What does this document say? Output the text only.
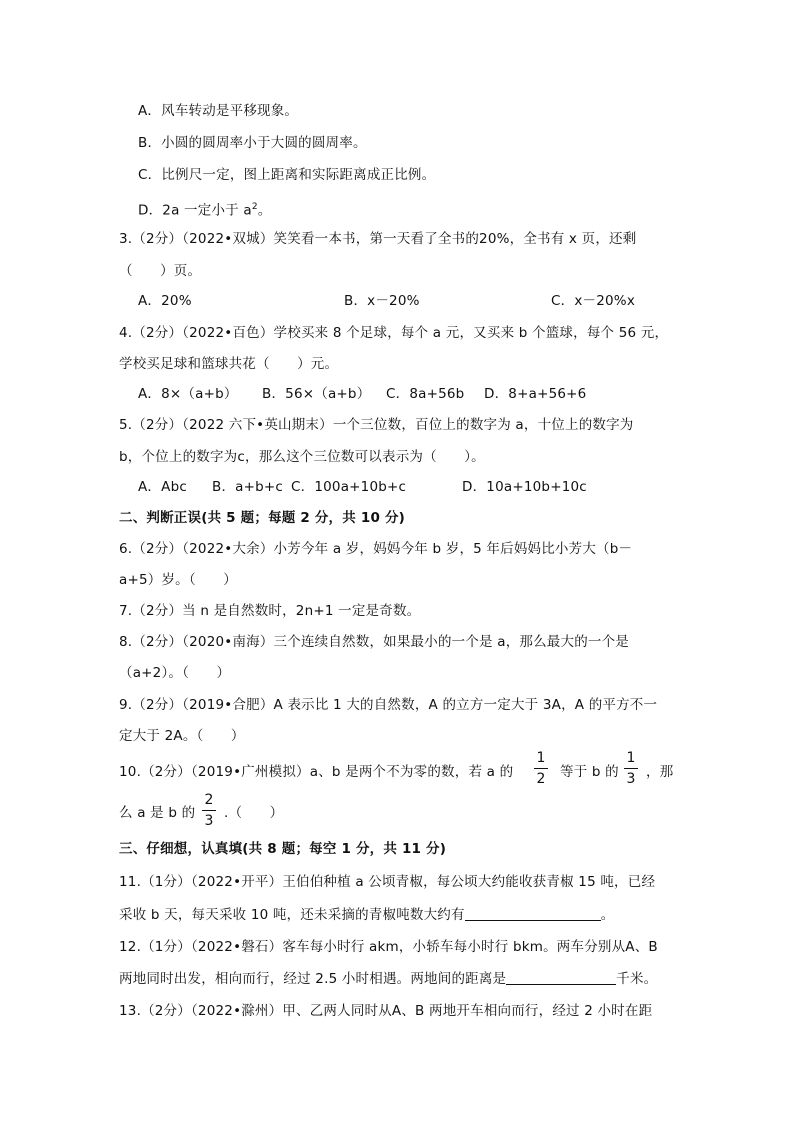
A．风车转动是平移现象。
B．小圆的圆周率小于大圆的圆周率。
C．比例尺一定，图上距离和实际距离成正比例。
D．2a 一定小于 $a^2$。
3.（2分）（2022•双城）笑笑看一本书，第一天看了全书的20%，全书有 x 页，还剩
（　　）页。
A．20%	B．x－20%	C．x－20%x
4.（2分）（2022•百色）学校买来 8 个足球，每个 a 元，又买来 b 个篮球，每个 56 元，
学校买足球和篮球共花（　　）元。
A．8×（a+b） B．56×（a+b） C．8a+56b D．8+a+56+6
5.（2分）（2022 六下•英山期末）一个三位数，百位上的数字为 a，十位上的数字为
b，个位上的数字为c，那么这个三位数可以表示为（　　）。
A．Abc B．a+b+c C．100a+10b+c	D．10a+10b+10c
二、判断正误(共 5 题；每题 2 分，共 10 分)
6.（2分）（2022•大余）小芳今年 a 岁，妈妈今年 b 岁，5 年后妈妈比小芳大（b－
a+5）岁。（　　）
7.（2分）当 n 是自然数时，2n+1 一定是奇数。
8.（2分）（2020•南海）三个连续自然数，如果最小的一个是 a，那么最大的一个是
（a+2）。（　　）
9.（2分）（2019•合肥）A 表示比 1 大的自然数，A 的立方一定大于 3A，A 的平方不一
定大于 2A。（　　）
10.（2分）（2019•广州模拟）a、b 是两个不为零的数，若 a 的
1
2 等于 b 的
1
3 ，那
么 a 是 b 的
2
3 .（　　）
三、仔细想，认真填(共 8 题；每空 1 分，共 11 分)
11.（1分）（2022•开平）王伯伯种植 a 公顷青椒，每公顷大约能收获青椒 15 吨，已经
采收 b 天，每天采收 10 吨，还未采摘的青椒吨数大约有	。
12.（1分）（2022•磐石）客车每小时行 akm，小轿车每小时行 bkm。两车分别从A、B
两地同时出发，相向而行，经过 2.5 小时相遇。两地间的距离是	千米。
13.（2分）（2022•滁州）甲、乙两人同时从A、B 两地开车相向而行，经过 2 小时在距
